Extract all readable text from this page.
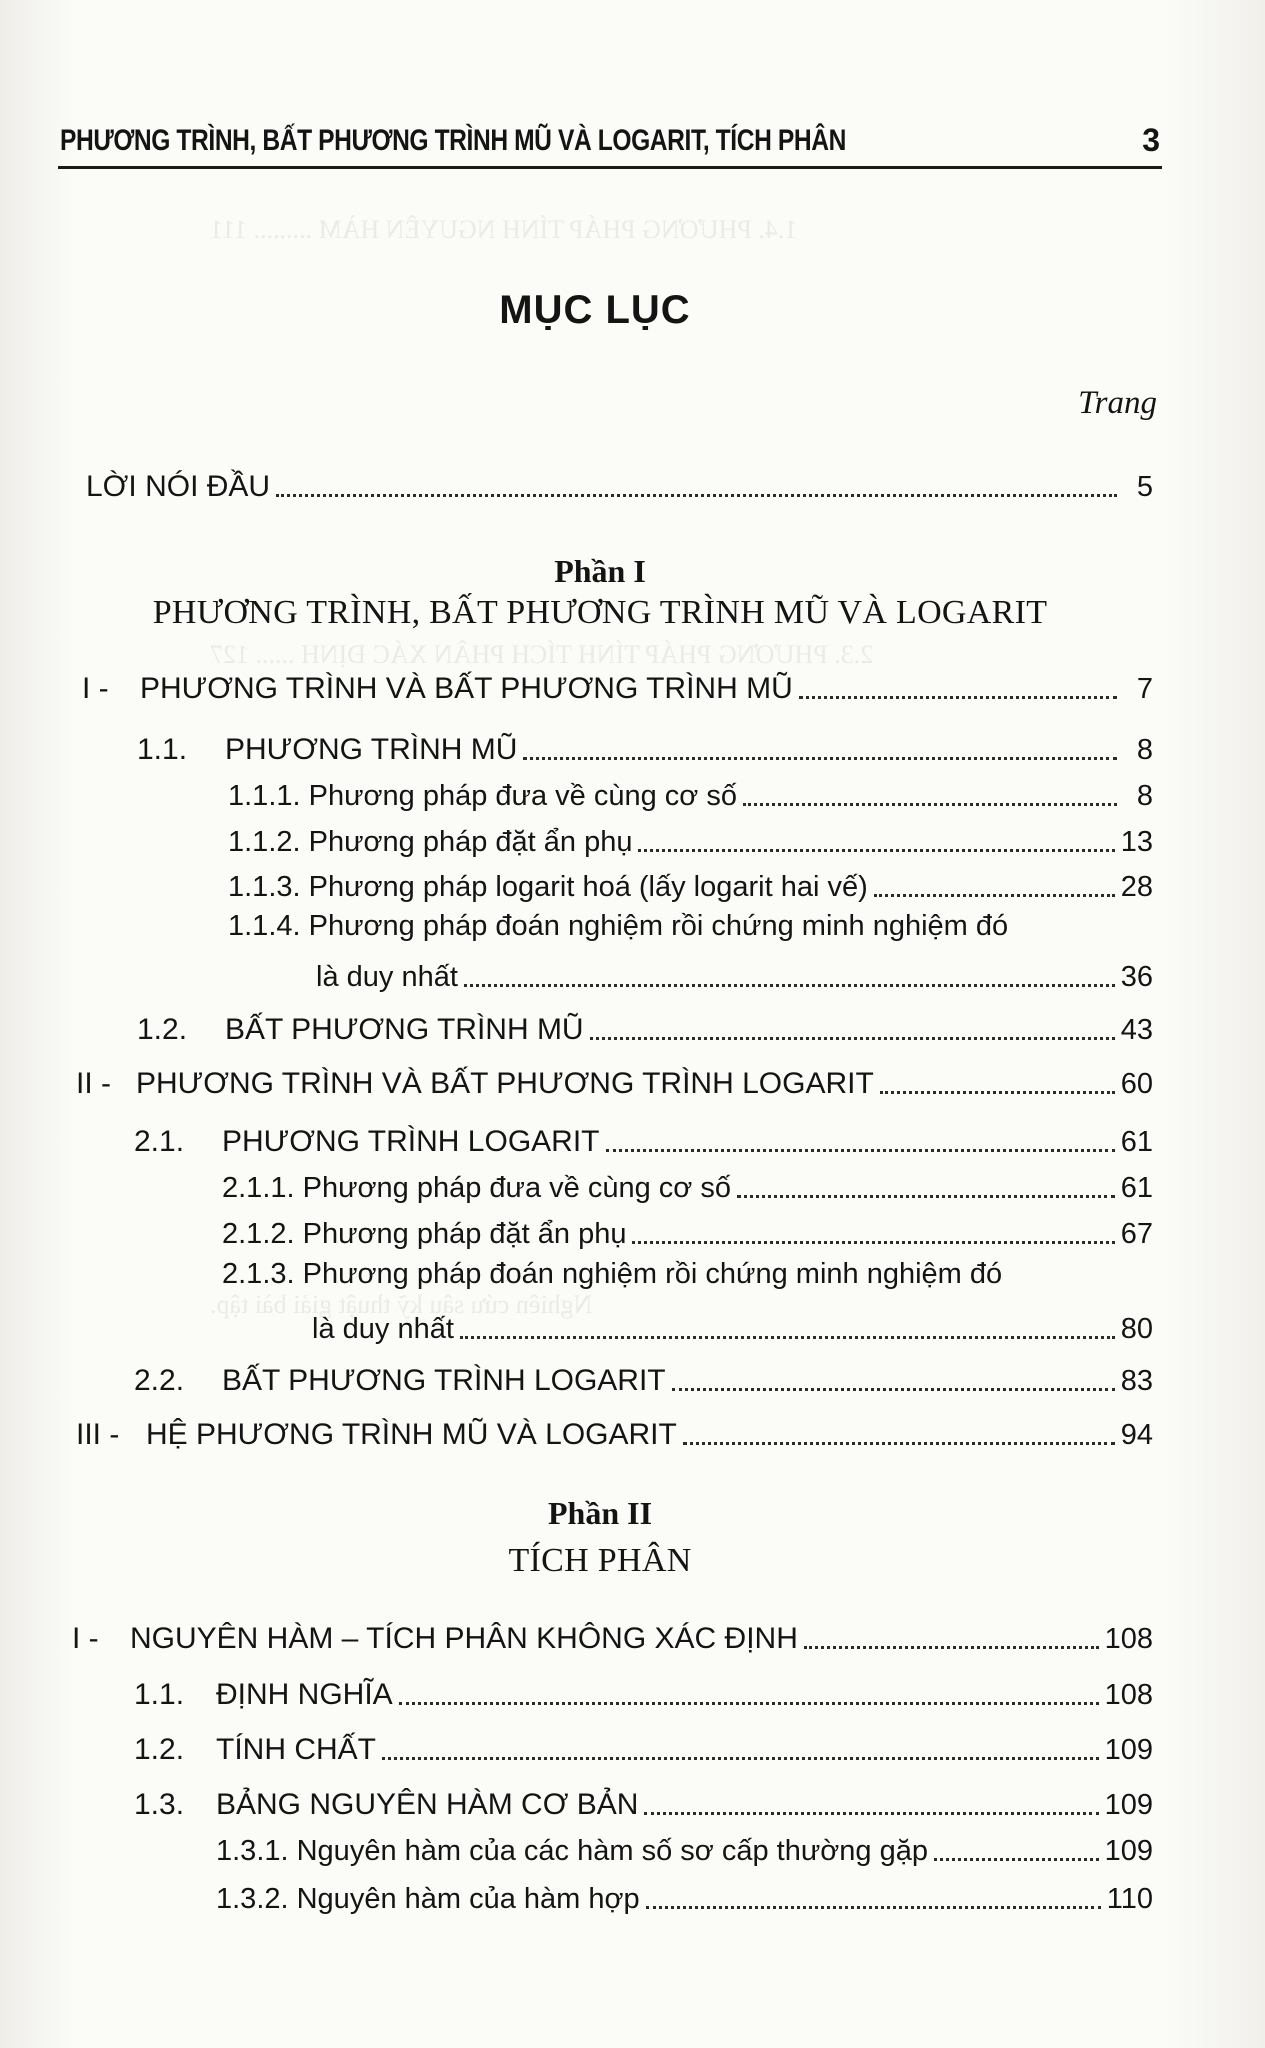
1.4. PHƯƠNG PHÁP TÍNH NGUYÊN HÀM ......... 111
2.3. PHƯƠNG PHÁP TÍNH TÍCH PHÂN XÁC ĐỊNH ...... 127
Nghiên cứu sâu kỹ thuật giải bài tập.
PHƯƠNG TRÌNH, BẤT PHƯƠNG TRÌNH MŨ VÀ LOGARIT, TÍCH PHÂN	3
MỤC LỤC
Trang
LỜI NÓI ĐẦU	5
Phần I
PHƯƠNG TRÌNH, BẤT PHƯƠNG TRÌNH MŨ VÀ LOGARIT
I -	PHƯƠNG TRÌNH VÀ BẤT PHƯƠNG TRÌNH MŨ	7
1.1.	PHƯƠNG TRÌNH MŨ	8
1.1.1. Phương pháp đưa về cùng cơ số	8
1.1.2. Phương pháp đặt ẩn phụ	13
1.1.3. Phương pháp logarit hoá (lấy logarit hai vế)	28
1.1.4. Phương pháp đoán nghiệm rồi chứng minh nghiệm đó
là duy nhất	36
1.2.	BẤT PHƯƠNG TRÌNH MŨ	43
II - PHƯƠNG TRÌNH VÀ BẤT PHƯƠNG TRÌNH LOGARIT	60
2.1.	PHƯƠNG TRÌNH LOGARIT	61
2.1.1. Phương pháp đưa về cùng cơ số	61
2.1.2. Phương pháp đặt ẩn phụ	67
2.1.3. Phương pháp đoán nghiệm rồi chứng minh nghiệm đó
là duy nhất	80
2.2.	BẤT PHƯƠNG TRÌNH LOGARIT	83
III - HỆ PHƯƠNG TRÌNH MŨ VÀ LOGARIT	94
Phần II
TÍCH PHÂN
I -	NGUYÊN HÀM – TÍCH PHÂN KHÔNG XÁC ĐỊNH	108
1.1.	ĐỊNH NGHĨA	108
1.2.	TÍNH CHẤT	109
1.3.	BẢNG NGUYÊN HÀM CƠ BẢN	109
1.3.1. Nguyên hàm của các hàm số sơ cấp thường gặp	109
1.3.2. Nguyên hàm của hàm hợp	110
